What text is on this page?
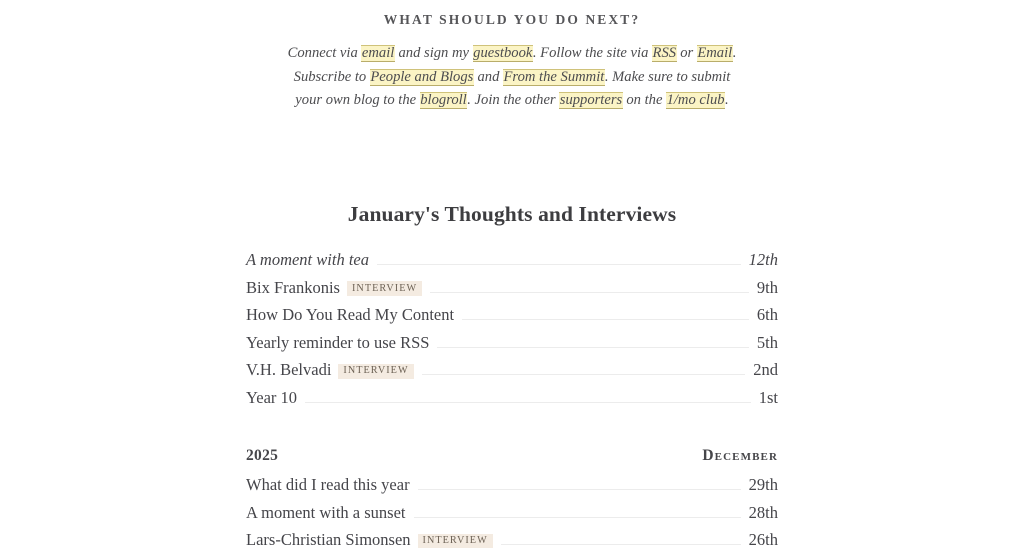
WHAT SHOULD YOU DO NEXT?

Connect via email and sign my guestbook. Follow the site via RSS or Email.
Subscribe to People and Blogs and From the Summit. Make sure to submit
your own blog to the blogroll. Join the other supporters on the 1/mo club.

January's Thoughts and Interviews
A moment with tea	12th
Bix Frankonis	INTERVIEW	9th
How Do You Read My Content	6th
Yearly reminder to use RSS	5th
V.H. Belvadi	INTERVIEW	2nd
Year 10	1st
2025	December
What did I read this year	29th
A moment with a sunset	28th
Lars-Christian Simonsen	INTERVIEW	26th
